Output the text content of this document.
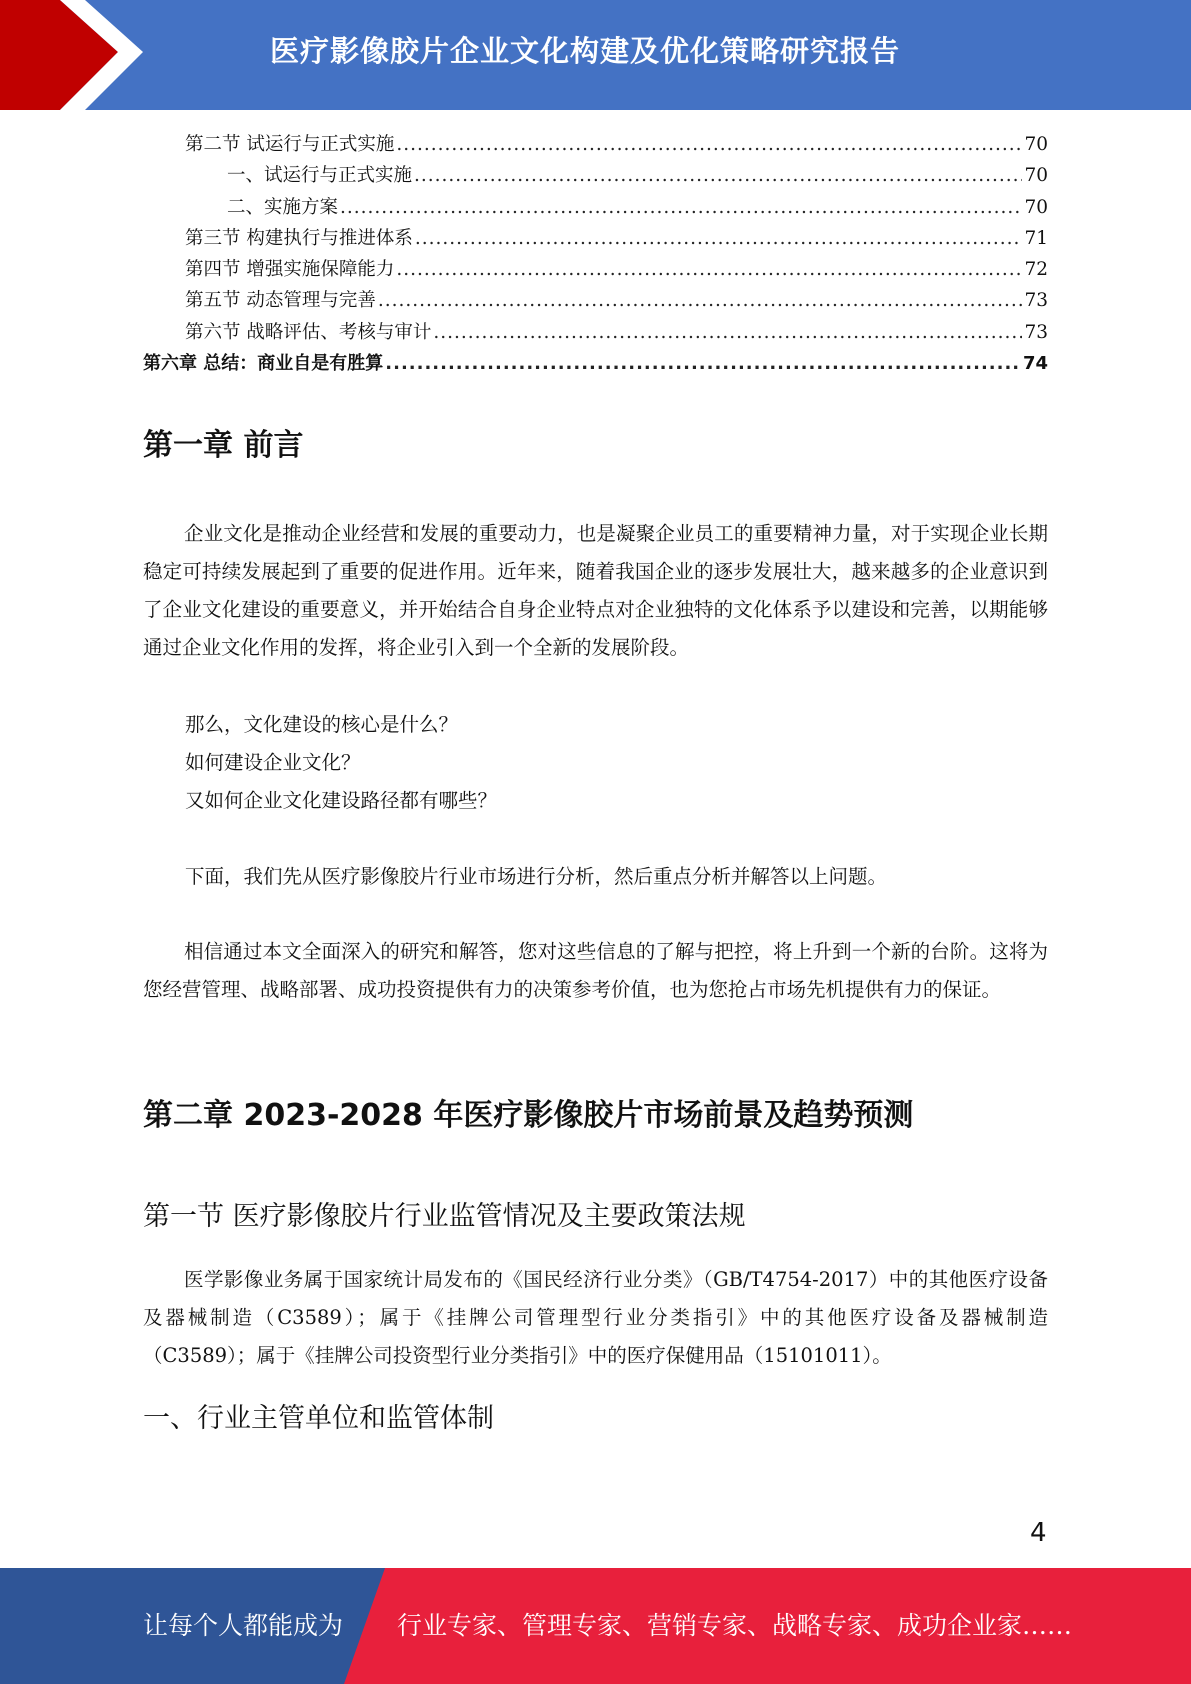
医疗影像胶片企业文化构建及优化策略研究报告
第二节 试运行与正式实施 .....	70
一、试运行与正式实施 .....	70
二、实施方案 .....	70
第三节 构建执行与推进体系 .....	71
第四节 增强实施保障能力 .....	72
第五节 动态管理与完善 .....	73
第六节 战略评估、考核与审计 .....	73
第六章 总结：商业自是有胜算 .....	74
第一章 前言
企业文化是推动企业经营和发展的重要动力，也是凝聚企业员工的重要精神力量，对于实现企业长期稳定可持续发展起到了重要的促进作用。近年来，随着我国企业的逐步发展壮大，越来越多的企业意识到了企业文化建设的重要意义，并开始结合自身企业特点对企业独特的文化体系予以建设和完善，以期能够通过企业文化作用的发挥，将企业引入到一个全新的发展阶段。
那么，文化建设的核心是什么？
如何建设企业文化？
又如何企业文化建设路径都有哪些？
下面，我们先从医疗影像胶片行业市场进行分析，然后重点分析并解答以上问题。
相信通过本文全面深入的研究和解答，您对这些信息的了解与把控，将上升到一个新的台阶。这将为您经营管理、战略部署、成功投资提供有力的决策参考价值，也为您抢占市场先机提供有力的保证。
第二章 2023-2028 年医疗影像胶片市场前景及趋势预测
第一节 医疗影像胶片行业监管情况及主要政策法规
医学影像业务属于国家统计局发布的《国民经济行业分类》（GB/T4754-2017）中的其他医疗设备及器械制造（C3589）；属于《挂牌公司管理型行业分类指引》中的其他医疗设备及器械制造（C3589）；属于《挂牌公司投资型行业分类指引》中的医疗保健用品（15101011）。
一、行业主管单位和监管体制
4
让每个人都能成为 行业专家、管理专家、营销专家、战略专家、成功企业家……
